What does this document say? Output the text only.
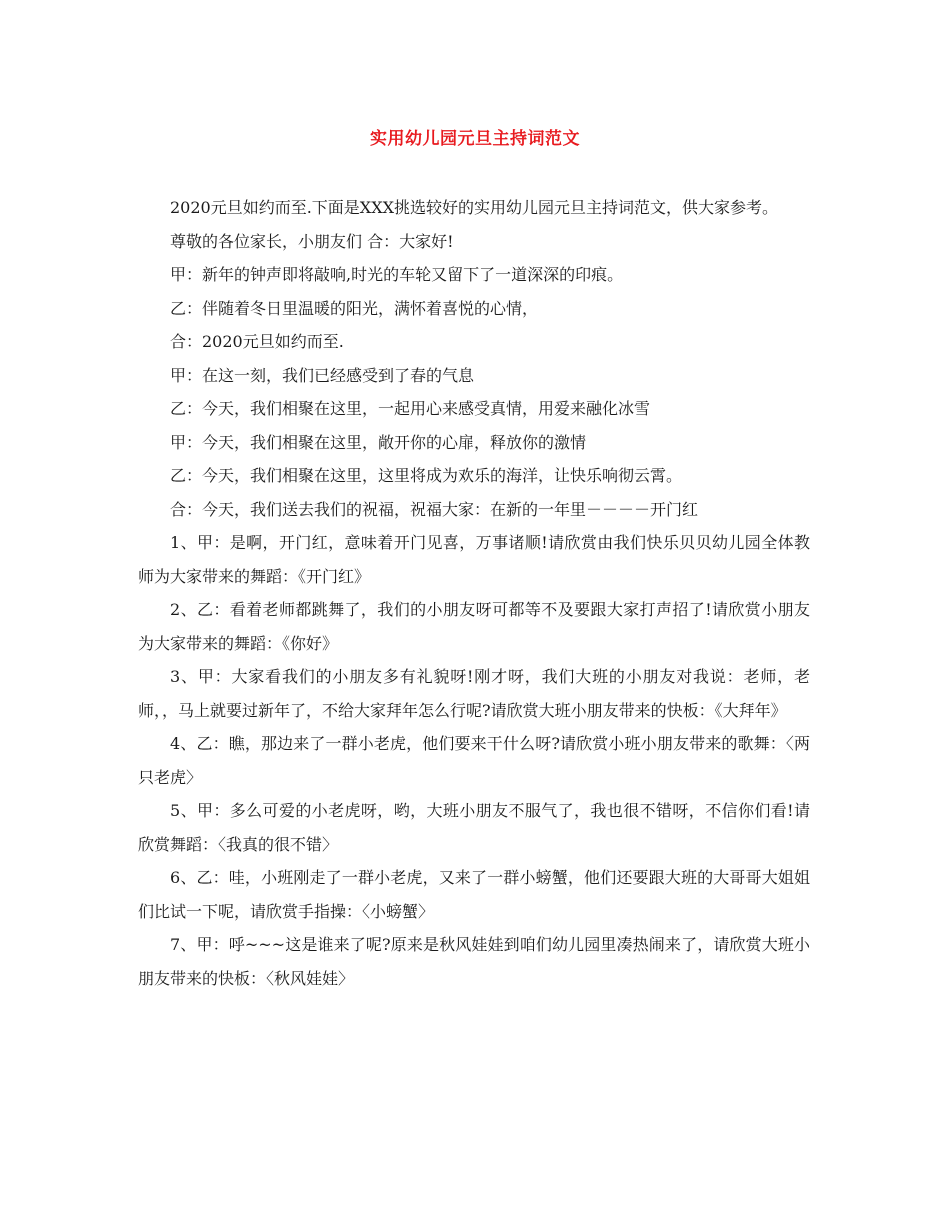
实用幼儿园元旦主持词范文

2020元旦如约而至.下面是XXX挑选较好的实用幼儿园元旦主持词范文，供大家参考。

尊敬的各位家长，小朋友们 合：大家好!

甲：新年的钟声即将敲响,时光的车轮又留下了一道深深的印痕。

乙：伴随着冬日里温暖的阳光，满怀着喜悦的心情，

合：2020元旦如约而至.

甲：在这一刻，我们已经感受到了春的气息

乙：今天，我们相聚在这里，一起用心来感受真情，用爱来融化冰雪

甲：今天，我们相聚在这里，敞开你的心扉，释放你的激情

乙：今天，我们相聚在这里，这里将成为欢乐的海洋，让快乐响彻云霄。

合：今天，我们送去我们的祝福，祝福大家：在新的一年里－－－－开门红

1、甲：是啊，开门红，意味着开门见喜，万事诸顺!请欣赏由我们快乐贝贝幼儿园全体教师为大家带来的舞蹈：《开门红》

2、乙：看着老师都跳舞了，我们的小朋友呀可都等不及要跟大家打声招了!请欣赏小朋友为大家带来的舞蹈：《你好》

3、甲：大家看我们的小朋友多有礼貌呀!刚才呀，我们大班的小朋友对我说：老师，老师，，马上就要过新年了，不给大家拜年怎么行呢?请欣赏大班小朋友带来的快板：《大拜年》

4、乙：瞧，那边来了一群小老虎，他们要来干什么呀?请欣赏小班小朋友带来的歌舞：〈两只老虎〉

5、甲：多么可爱的小老虎呀，哟，大班小朋友不服气了，我也很不错呀，不信你们看!请欣赏舞蹈：〈我真的很不错〉

6、乙：哇，小班刚走了一群小老虎，又来了一群小螃蟹，他们还要跟大班的大哥哥大姐姐们比试一下呢，请欣赏手指操：〈小螃蟹〉

7、甲：呼~~~这是谁来了呢?原来是秋风娃娃到咱们幼儿园里凑热闹来了，请欣赏大班小朋友带来的快板：〈秋风娃娃〉
